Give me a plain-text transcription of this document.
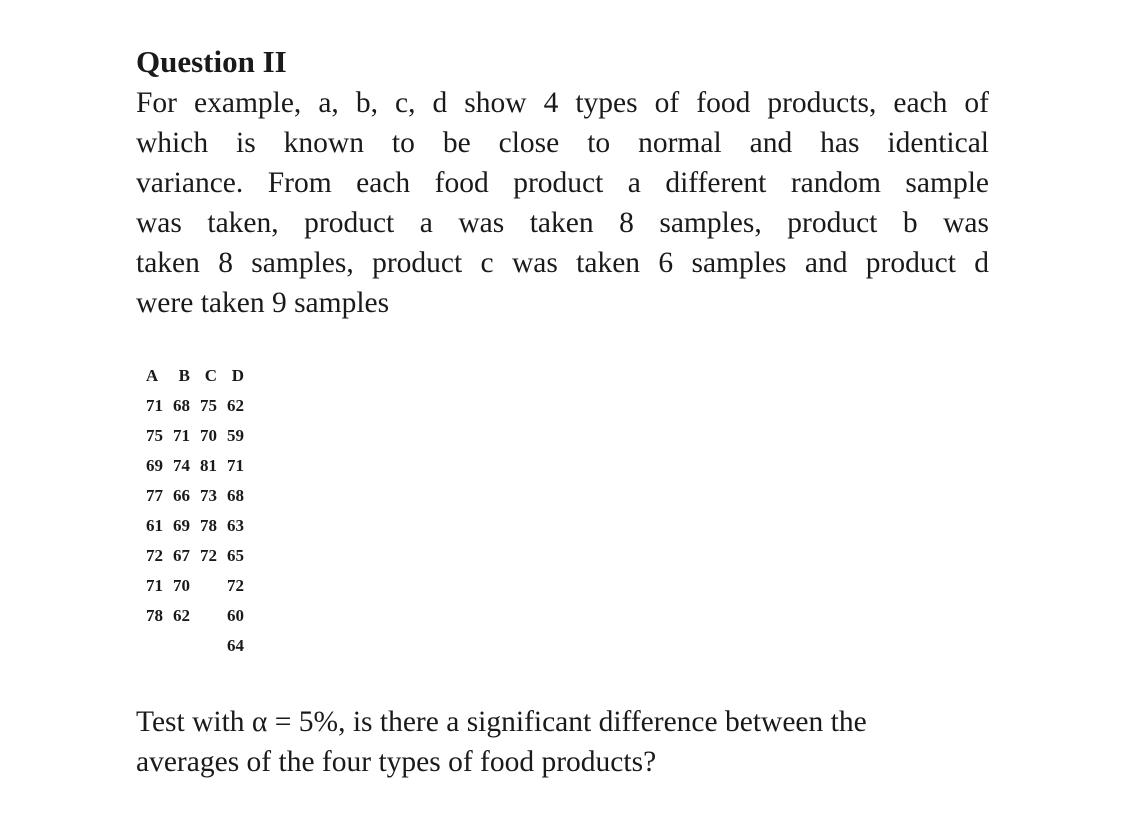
Question II

For example, a, b, c, d show 4 types of food products, each of
which is known to be close to normal and has identical
variance. From each food product a different random sample
was taken, product a was taken 8 samples, product b was
taken 8 samples, product c was taken 6 samples and product d
were taken 9 samples

A	B	C	D
71	68	75	62
75	71	70	59
69	74	81	71
77	66	73	68
61	69	78	63
72	67	72	65
71	70		72
78	62		60
			64

Test with α = 5%, is there a significant difference between the
averages of the four types of food products?
